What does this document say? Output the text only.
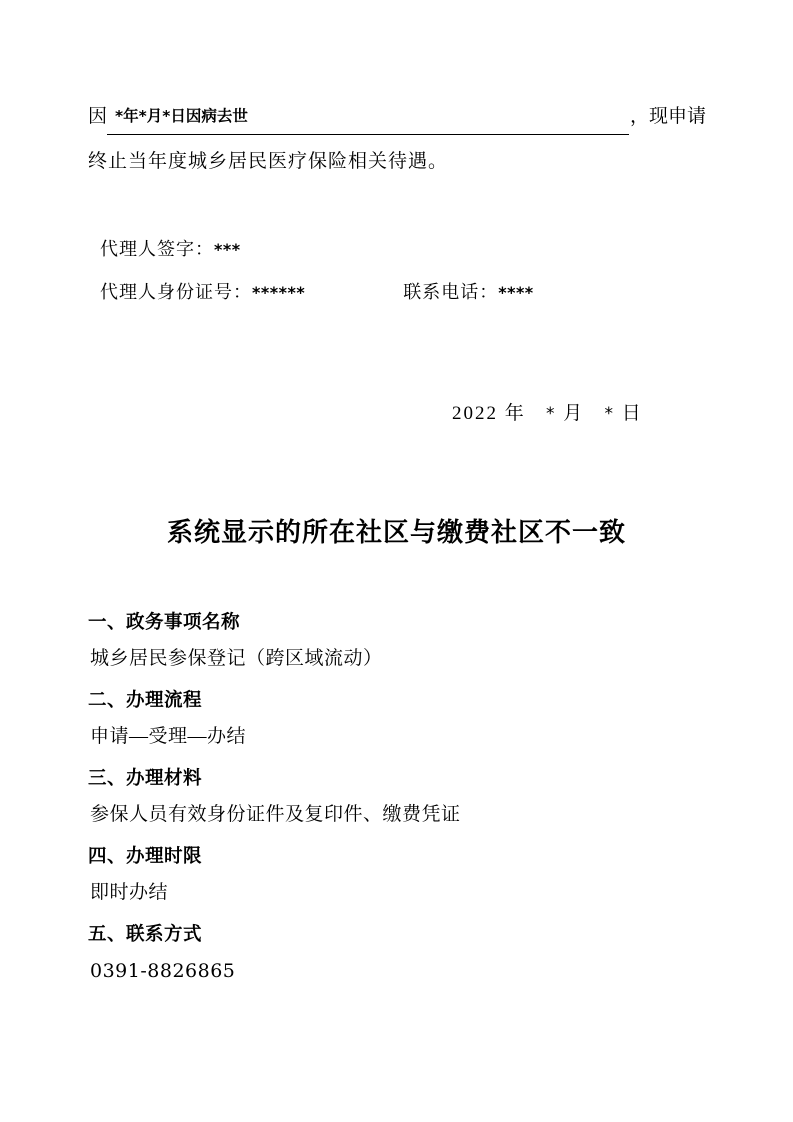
因 *年*月*日因病去世	，现申请
终止当年度城乡居民医疗保险相关待遇。
代理人签字： ***
代理人身份证号： ******	联系电话： ****
2022 年 * 月 * 日
系统显示的所在社区与缴费社区不一致
一、政务事项名称
城乡居民参保登记（跨区域流动）
二、办理流程
申请—受理—办结
三、办理材料
参保人员有效身份证件及复印件、缴费凭证
四、办理时限
即时办结
五、联系方式
0391-8826865
